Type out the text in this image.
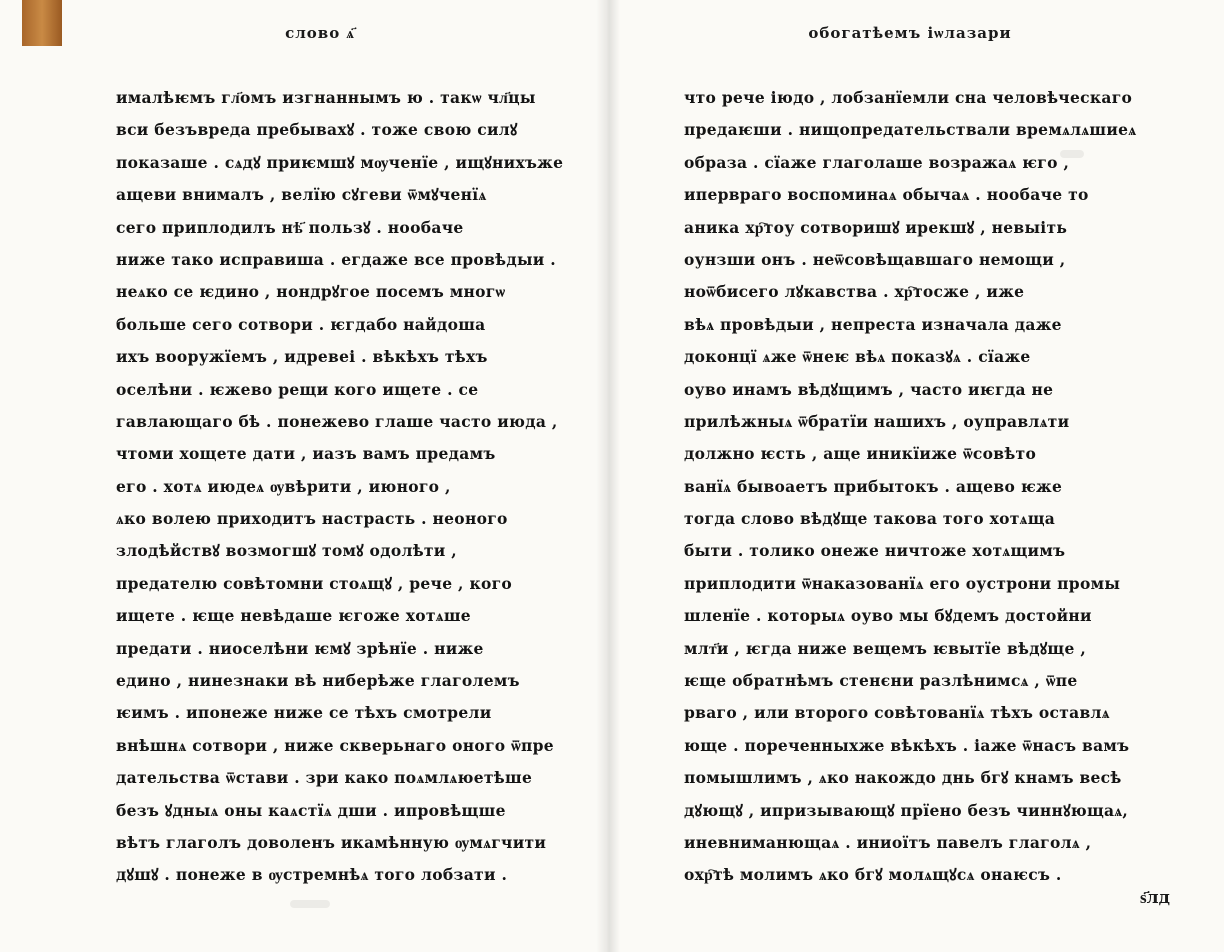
слово ѧ҃
ималѣѥмъ гл҃омъ изгнаннымъ ю . такѡ чл҃цы
вси безъвреда пребывахꙋ . тоже свою силꙋ
показаше . сѧдꙋ приѥмшꙋ мѹченїе , ищꙋнихъже
ащеви внималъ , велїю сꙋгеви ѿмꙋченїѧ
сего приплодилъ нѣ҃ пользꙋ . нообаче
ниже тако исправиша . егдаже все провѣдыи .
неѧко се ѥдино , нондрꙋгое посемъ многѡ
больше сего сотвори . ѥгдабо найдоша
ихъ вооружїемъ , идревеі . вѣкѣхъ тѣхъ
оселѣни . ѥжево рещи кого ищете . се
гавлающаго бѣ . понежево глаше часто июда ,
чтоми хощете дати , иазъ вамъ предамъ
его . хотѧ июдеѧ ѹвѣрити , июного ,
ѧко волею приходитъ настрасть . неоного
злодѣйствꙋ возмогшꙋ томꙋ одолѣти ,
предателю совѣтомни стоѧщꙋ , рече , кого
ищете . ѥще невѣдаше ѥгоже хотѧше
предати . ниоселѣни ѥмꙋ зрѣнїе . ниже
едино , нинезнаки вѣ ниберѣже глаголемъ
ѥимъ . ипонеже ниже се тѣхъ смотрели
внѣшнѧ сотвори , ниже скверьнаго оного ѿпре
дательства ѿстави . зри како поѧмлѧюетѣше
безъ ꙋдныѧ оны каѧстїѧ дши . ипровѣщше
вѣтъ глаголъ доволенъ икамѣнную ѹмѧгчити
дꙋшꙋ . понеже в ѹстремнѣѧ того лобзати .
обогатѣемъ іѡлазари
что рече іюдо , лобзанїемли сна человѣческаго
предаѥши . нищопредательствали времѧлѧшиеѧ
образа . сїаже глаголаше возражаѧ ѥго ,
ипервраго воспоминаѧ обычаѧ . нообаче то
аника хр҇тоу сотворишꙋ ирекшꙋ , невыіть
оунзши онъ . неѿсовѣщавшаго немощи ,
ноѿбисего лꙋкавства . хр҇тосже , иже
вѣѧ провѣдыи , непреста изначала даже
доконцї ѧже ѿнеѥ вѣѧ показꙋѧ . сїаже
оуво инамъ вѣдꙋщимъ , часто иѥгда не
прилѣжныѧ ѿбратїи нашихъ , оуправлѧти
должно ѥсть , аще иникїиже ѿсовѣто
ванїѧ бывоаетъ прибытокъ . ащево ѥже
тогда слово вѣдꙋще такова того хотѧща
быти . толико онеже ничтоже хотѧщимъ
приплодити ѿнаказованїѧ его оустрони промы
шленїе . которыѧ оуво мы бꙋдемъ достойни
млт҃и , ѥгда ниже вещемъ ѥвытїе вѣдꙋще ,
ѥще обратнѣмъ стенєни разлѣнимсѧ , ѿпе
рваго , или второго совѣтованїѧ тѣхъ оставлѧ
юще . пореченныхже вѣкѣхъ . іаже ѿнасъ вамъ
помышлимъ , ѧко накождо днь бгꙋ кнамъ весѣ
дꙋющꙋ , ипризывающꙋ прїено безъ чиннꙋющаѧ,
иневниманющаѧ . иниоїтъ павелъ глаголѧ ,
охр҇тѣ молимъ ѧко бгꙋ молѧщꙋсѧ онаѥсъ .
ѕ҃лд
